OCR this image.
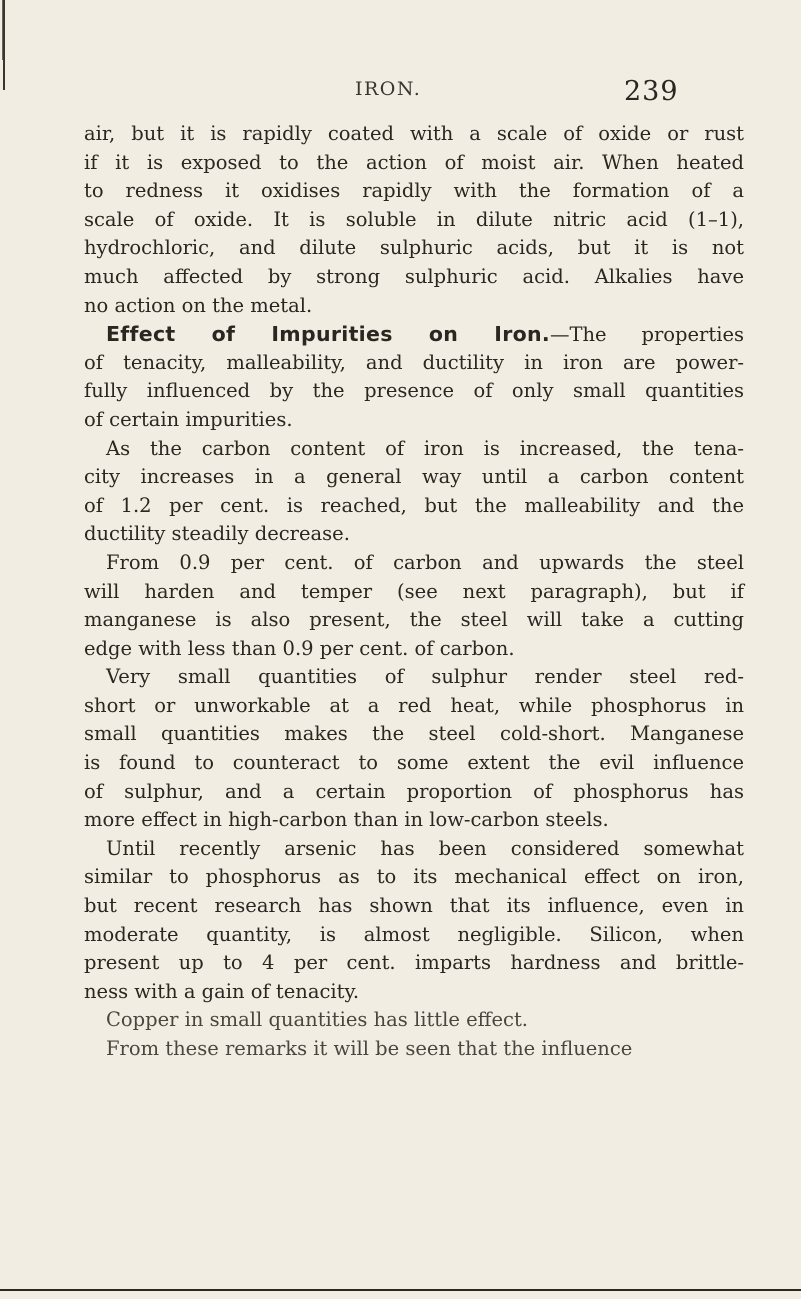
IRON.	239
air, but it is rapidly coated with a scale of oxide or rust
if it is exposed to the action of moist air. When heated
to redness it oxidises rapidly with the formation of a
scale of oxide. It is soluble in dilute nitric acid (1–1),
hydrochloric, and dilute sulphuric acids, but it is not
much affected by strong sulphuric acid. Alkalies have
no action on the metal.
Effect of Impurities on Iron.—The properties
of tenacity, malleability, and ductility in iron are power-
fully influenced by the presence of only small quantities
of certain impurities.
As the carbon content of iron is increased, the tena-
city increases in a general way until a carbon content
of 1.2 per cent. is reached, but the malleability and the
ductility steadily decrease.
From 0.9 per cent. of carbon and upwards the steel
will harden and temper (see next paragraph), but if
manganese is also present, the steel will take a cutting
edge with less than 0.9 per cent. of carbon.
Very small quantities of sulphur render steel red-
short or unworkable at a red heat, while phosphorus in
small quantities makes the steel cold-short. Manganese
is found to counteract to some extent the evil influence
of sulphur, and a certain proportion of phosphorus has
more effect in high-carbon than in low-carbon steels.
Until recently arsenic has been considered somewhat
similar to phosphorus as to its mechanical effect on iron,
but recent research has shown that its influence, even in
moderate quantity, is almost negligible. Silicon, when
present up to 4 per cent. imparts hardness and brittle-
ness with a gain of tenacity.
Copper in small quantities has little effect.
From these remarks it will be seen that the influence
